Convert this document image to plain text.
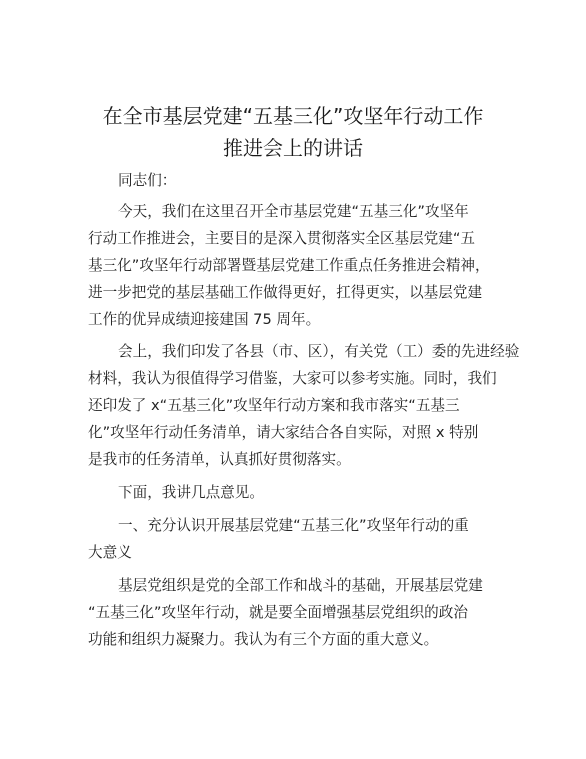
在全市基层党建“五基三化”攻坚年行动工作
推进会上的讲话
同志们：
今天，我们在这里召开全市基层党建“五基三化”攻坚年
行动工作推进会，主要目的是深入贯彻落实全区基层党建“五
基三化”攻坚年行动部署暨基层党建工作重点任务推进会精神，
进一步把党的基层基础工作做得更好，扛得更实，以基层党建
工作的优异成绩迎接建国 75 周年。
会上，我们印发了各县（市、区），有关党（工）委的先进经验
材料，我认为很值得学习借鉴，大家可以参考实施。同时，我们
还印发了 x“五基三化”攻坚年行动方案和我市落实“五基三
化”攻坚年行动任务清单，请大家结合各自实际，对照 x 特别
是我市的任务清单，认真抓好贯彻落实。
下面，我讲几点意见。
一、充分认识开展基层党建“五基三化”攻坚年行动的重
大意义
基层党组织是党的全部工作和战斗的基础，开展基层党建
“五基三化”攻坚年行动，就是要全面增强基层党组织的政治
功能和组织力凝聚力。我认为有三个方面的重大意义。
